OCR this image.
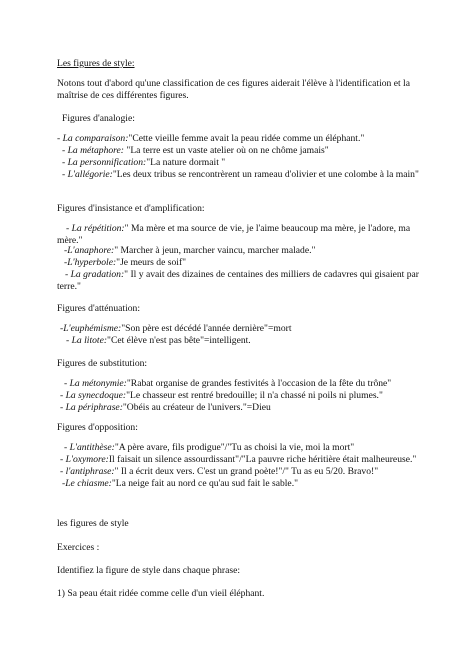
Les figures de style:
Notons tout d'abord qu'une classification de ces figures aiderait l'élève à l'identification et la maîtrise de ces différentes figures.
Figures d'analogie:
- La comparaison:"Cette vieille femme avait la peau ridée comme un éléphant."
- La métaphore: "La terre est un vaste atelier où on ne chôme jamais"
- La personnification:"La nature dormait "
- L'allégorie:"Les deux tribus se rencontrèrent un rameau d'olivier et une colombe à la main"
Figures d'insistance et d'amplification:
- La répétition:" Ma mère et ma source de vie, je l'aime beaucoup ma mère, je l'adore, ma mère."
-L'anaphore:" Marcher à jeun, marcher vaincu, marcher malade."
-L'hyperbole:"Je meurs de soif"
- La gradation:" Il y avait des dizaines de centaines des milliers de cadavres qui gisaient par terre."
Figures d'atténuation:
-L'euphémisme:"Son père est décédé l'année dernière"=mort
- La litote:"Cet élève n'est pas bête"=intelligent.
Figures de substitution:
- La métonymie:"Rabat organise de grandes festivités à l'occasion de la fête du trône"
- La synecdoque:"Le chasseur est rentré bredouille; il n'a chassé ni poils ni plumes."
- La périphrase:"Obéis au créateur de l'univers."=Dieu
Figures d'opposition:
- L'antithèse:"A père avare, fils prodigue"/"Tu as choisi la vie, moi la mort"
- L'oxymore:Il faisait un silence assourdissant"/"La pauvre riche héritière était malheureuse."
- l'antiphrase:" Il a écrit deux vers. C'est un grand poète!"/" Tu as eu 5/20. Bravo!"
-Le chiasme:"La neige fait au nord ce qu'au sud fait le sable."
les figures de style
Exercices :
Identifiez la figure de style dans chaque phrase:
1) Sa peau était ridée comme celle d'un vieil éléphant.
